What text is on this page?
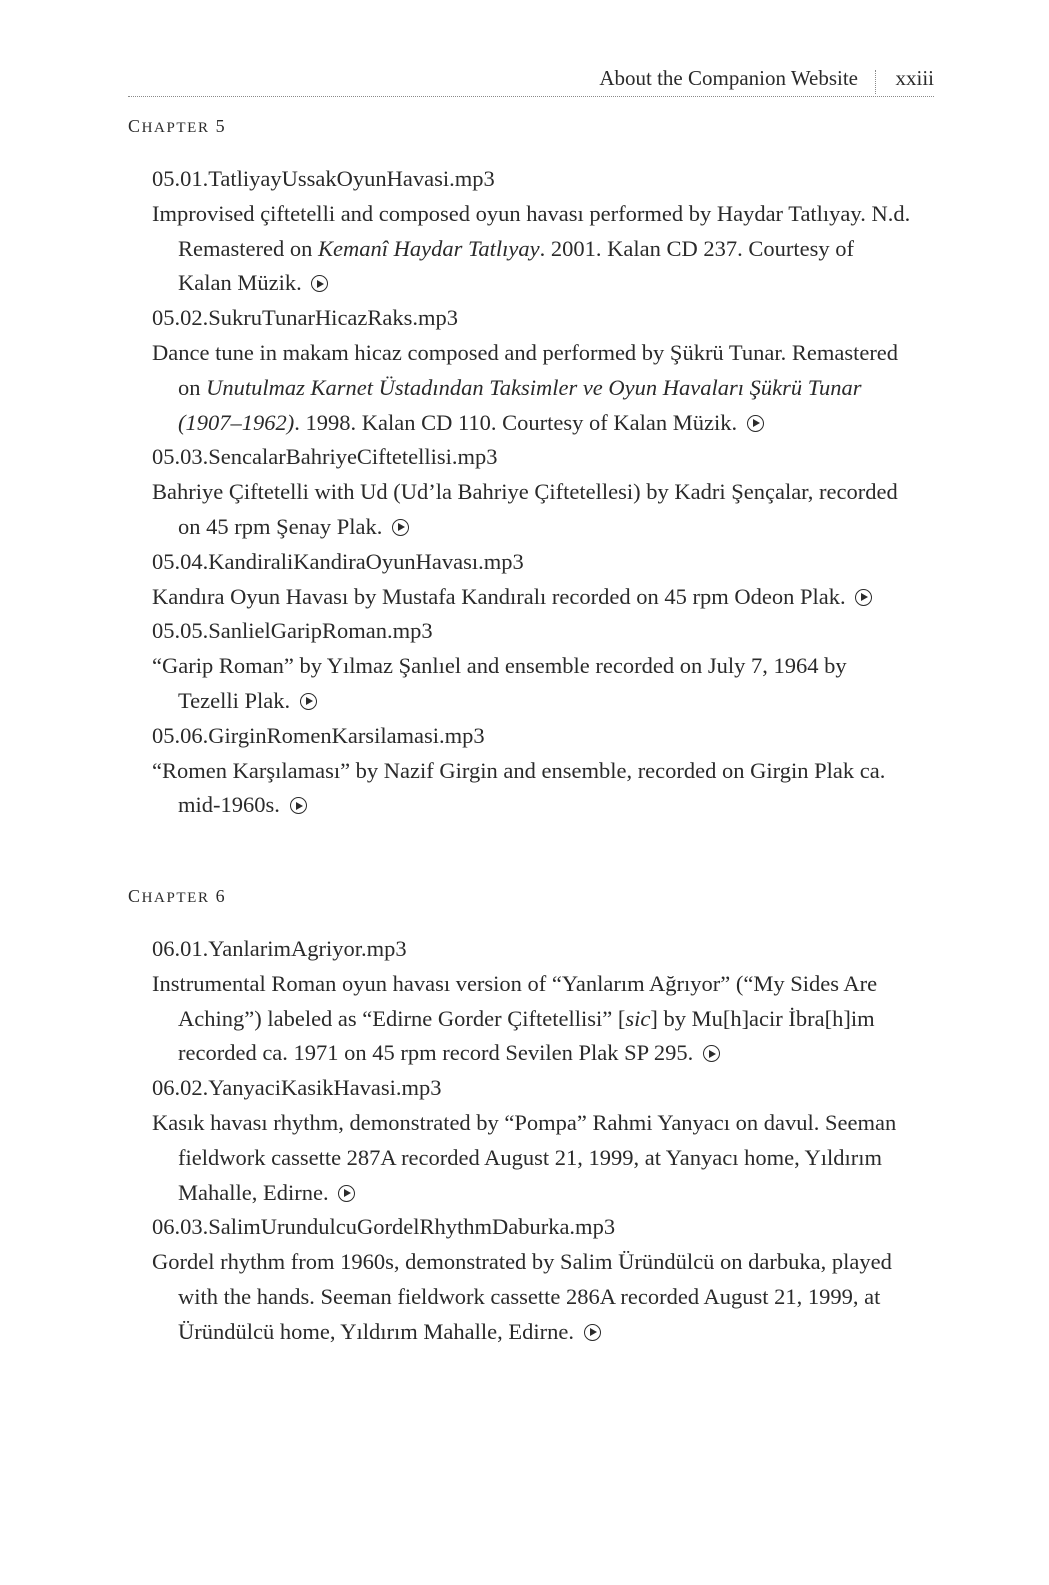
About the Companion Website xxiii
CHAPTER 5

05.01.TatliyayUssakOyunHavasi.mp3

Improvised çiftetelli and composed oyun havası performed by Haydar Tatlıyay. N.d. Remastered on Kemanî Haydar Tatlıyay. 2001. Kalan CD 237. Courtesy of Kalan Müzik.

05.02.SukruTunarHicazRaks.mp3

Dance tune in makam hicaz composed and performed by Şükrü Tunar. Remastered on Unutulmaz Karnet Üstadından Taksimler ve Oyun Havaları Şükrü Tunar (1907–1962). 1998. Kalan CD 110. Courtesy of Kalan Müzik.

05.03.SencalarBahriyeCiftetellisi.mp3

Bahriye Çiftetelli with Ud (Ud’la Bahriye Çiftetellesi) by Kadri Şençalar, recorded on 45 rpm Şenay Plak.

05.04.KandiraliKandiraOyunHavası.mp3

Kandıra Oyun Havası by Mustafa Kandıralı recorded on 45 rpm Odeon Plak.

05.05.SanlielGaripRoman.mp3

“Garip Roman” by Yılmaz Şanlıel and ensemble recorded on July 7, 1964 by Tezelli Plak.

05.06.GirginRomenKarsilamasi.mp3

“Romen Karşılaması” by Nazif Girgin and ensemble, recorded on Girgin Plak ca. mid-1960s.

CHAPTER 6

06.01.YanlarimAgriyor.mp3

Instrumental Roman oyun havası version of “Yanlarım Ağrıyor” (“My Sides Are Aching”) labeled as “Edirne Gorder Çiftetellisi” [sic] by Mu[h]acir İbra[h]im recorded ca. 1971 on 45 rpm record Sevilen Plak SP 295.

06.02.YanyaciKasikHavasi.mp3

Kasık havası rhythm, demonstrated by “Pompa” Rahmi Yanyacı on davul. Seeman fieldwork cassette 287A recorded August 21, 1999, at Yanyacı home, Yıldırım Mahalle, Edirne.

06.03.SalimUrundulcuGordelRhythmDaburka.mp3

Gordel rhythm from 1960s, demonstrated by Salim Üründülcü on darbuka, played with the hands. Seeman fieldwork cassette 286A recorded August 21, 1999, at Üründülcü home, Yıldırım Mahalle, Edirne.
